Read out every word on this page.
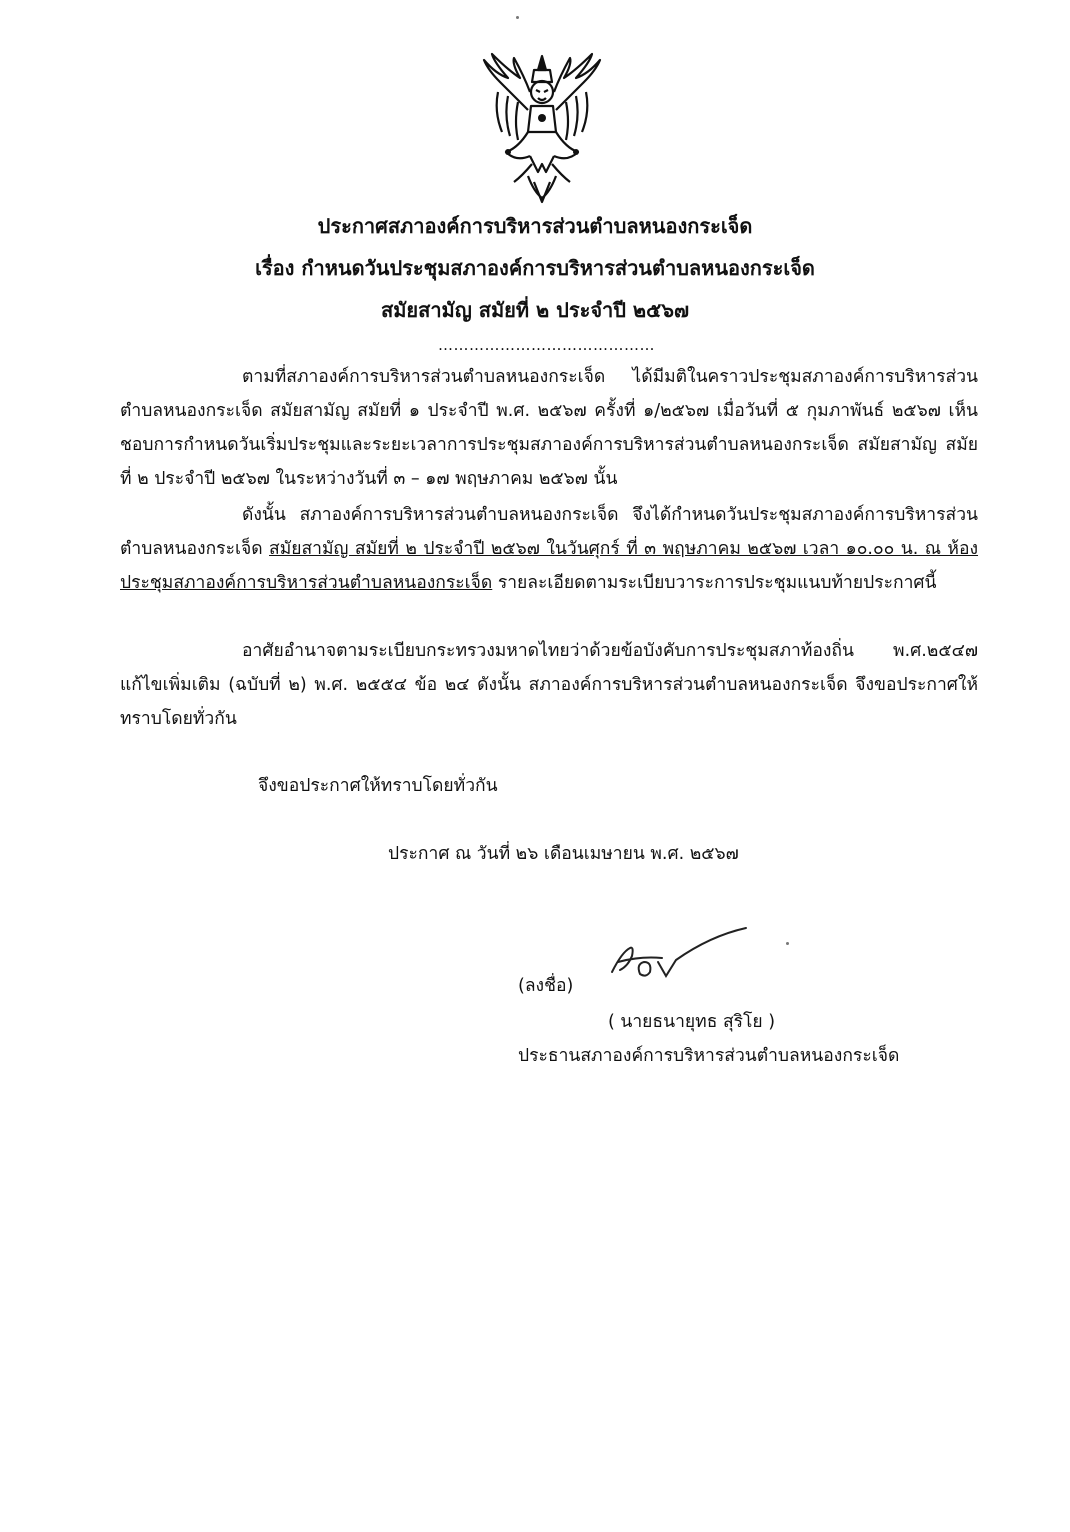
ประกาศสภาองค์การบริหารส่วนตำบลหนองกระเจ็ด
เรื่อง กำหนดวันประชุมสภาองค์การบริหารส่วนตำบลหนองกระเจ็ด
สมัยสามัญ สมัยที่ ๒ ประจำปี ๒๕๖๗
……………………………………
ตามที่สภาองค์การบริหารส่วนตำบลหนองกระเจ็ด ได้มีมติในคราวประชุมสภาองค์การบริหารส่วนตำบลหนองกระเจ็ด สมัยสามัญ สมัยที่ ๑ ประจำปี พ.ศ. ๒๕๖๗ ครั้งที่ ๑/๒๕๖๗ เมื่อวันที่ ๕ กุมภาพันธ์ ๒๕๖๗ เห็นชอบการกำหนดวันเริ่มประชุมและระยะเวลาการประชุมสภาองค์การบริหารส่วนตำบลหนองกระเจ็ด สมัยสามัญ สมัยที่ ๒ ประจำปี ๒๕๖๗ ในระหว่างวันที่ ๓ – ๑๗ พฤษภาคม ๒๕๖๗ นั้น
ดังนั้น สภาองค์การบริหารส่วนตำบลหนองกระเจ็ด จึงได้กำหนดวันประชุมสภาองค์การบริหารส่วนตำบลหนองกระเจ็ด สมัยสามัญ สมัยที่ ๒ ประจำปี ๒๕๖๗ ในวันศุกร์ ที่ ๓ พฤษภาคม ๒๕๖๗ เวลา ๑๐.๐๐ น. ณ ห้องประชุมสภาองค์การบริหารส่วนตำบลหนองกระเจ็ด รายละเอียดตามระเบียบวาระการประชุมแนบท้ายประกาศนี้
อาศัยอำนาจตามระเบียบกระทรวงมหาดไทยว่าด้วยข้อบังคับการประชุมสภาท้องถิ่น พ.ศ.๒๕๔๗ แก้ไขเพิ่มเติม (ฉบับที่ ๒) พ.ศ. ๒๕๕๔ ข้อ ๒๔ ดังนั้น สภาองค์การบริหารส่วนตำบลหนองกระเจ็ด จึงขอประกาศให้ทราบโดยทั่วกัน
จึงขอประกาศให้ทราบโดยทั่วกัน
ประกาศ ณ วันที่ ๒๖ เดือนเมษายน พ.ศ. ๒๕๖๗
(ลงชื่อ)
( นายธนายุทธ สุริโย )
ประธานสภาองค์การบริหารส่วนตำบลหนองกระเจ็ด
